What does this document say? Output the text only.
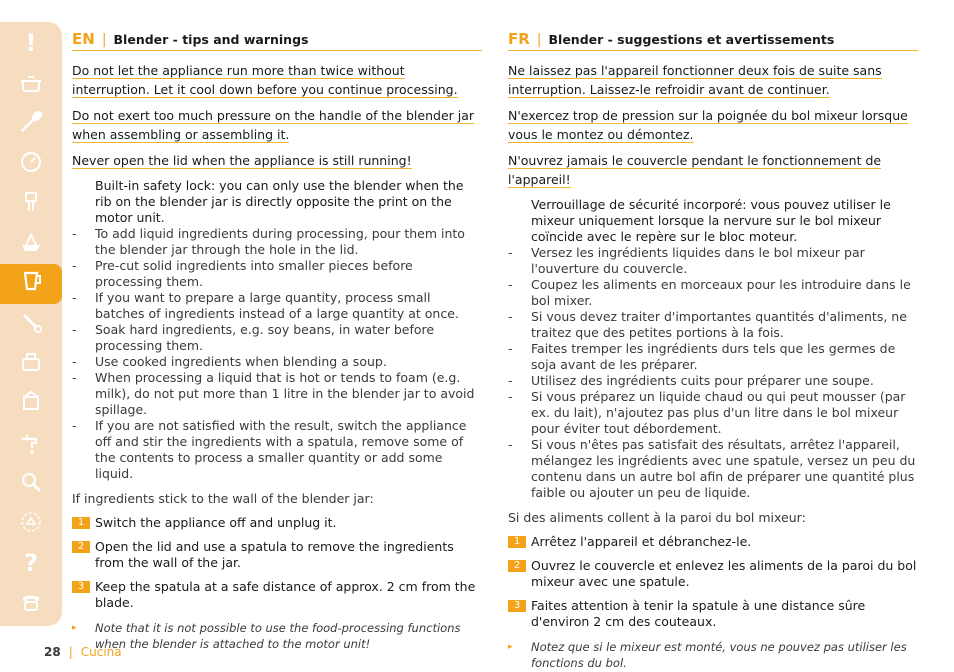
!
?
EN | Blender - tips and warnings
Do not let the appliance run more than twice without interruption. Let it cool down before you continue processing.
Do not exert too much pressure on the handle of the blender jar when assembling or assembling it.
Never open the lid when the appliance is still running!
Built-in safety lock: you can only use the blender when the rib on the blender jar is directly opposite the print on the motor unit.
-	To add liquid ingredients during processing, pour them into the blender jar through the hole in the lid.
-	Pre-cut solid ingredients into smaller pieces before processing them.
-	If you want to prepare a large quantity, process small batches of ingredients instead of a large quantity at once.
-	Soak hard ingredients, e.g. soy beans, in water before processing them.
-	Use cooked ingredients when blending a soup.
-	When processing a liquid that is hot or tends to foam (e.g. milk), do not put more than 1 litre in the blender jar to avoid spillage.
-	If you are not satisfied with the result, switch the appliance off and stir the ingredients with a spatula, remove some of the contents to process a smaller quantity or add some liquid.
If ingredients stick to the wall of the blender jar:
1 Switch the appliance off and unplug it.
2 Open the lid and use a spatula to remove the ingredients from the wall of the jar.
3 Keep the spatula at a safe distance of approx. 2 cm from the blade.
▸	Note that it is not possible to use the food-processing functions when the blender is attached to the motor unit!
FR | Blender - suggestions et avertissements
Ne laissez pas l'appareil fonctionner deux fois de suite sans interruption. Laissez-le refroidir avant de continuer.
N'exercez trop de pression sur la poignée du bol mixeur lorsque vous le montez ou démontez.
N'ouvrez jamais le couvercle pendant le fonctionnement de l'appareil!
Verrouillage de sécurité incorporé: vous pouvez utiliser le mixeur uniquement lorsque la nervure sur le bol mixeur coïncide avec le repère sur le bloc moteur.
-	Versez les ingrédients liquides dans le bol mixeur par l'ouverture du couvercle.
-	Coupez les aliments en morceaux pour les introduire dans le bol mixer.
-	Si vous devez traiter d'importantes quantités d'aliments, ne traitez que des petites portions à la fois.
-	Faites tremper les ingrédients durs tels que les germes de soja avant de les préparer.
-	Utilisez des ingrédients cuits pour préparer une soupe.
-	Si vous préparez un liquide chaud ou qui peut mousser (par ex. du lait), n'ajoutez pas plus d'un litre dans le bol mixeur pour éviter tout débordement.
-	Si vous n'êtes pas satisfait des résultats, arrêtez l'appareil, mélangez les ingrédients avec une spatule, versez un peu du contenu dans un autre bol afin de préparer une quantité plus faible ou ajouter un peu de liquide.
Si des aliments collent à la paroi du bol mixeur:
1 Arrêtez l'appareil et débranchez-le.
2 Ouvrez le couvercle et enlevez les aliments de la paroi du bol mixeur avec une spatule.
3 Faites attention à tenir la spatule à une distance sûre d'environ 2 cm des couteaux.
▸	Notez que si le mixeur est monté, vous ne pouvez pas utiliser les fonctions du bol.
28 | Cucina
